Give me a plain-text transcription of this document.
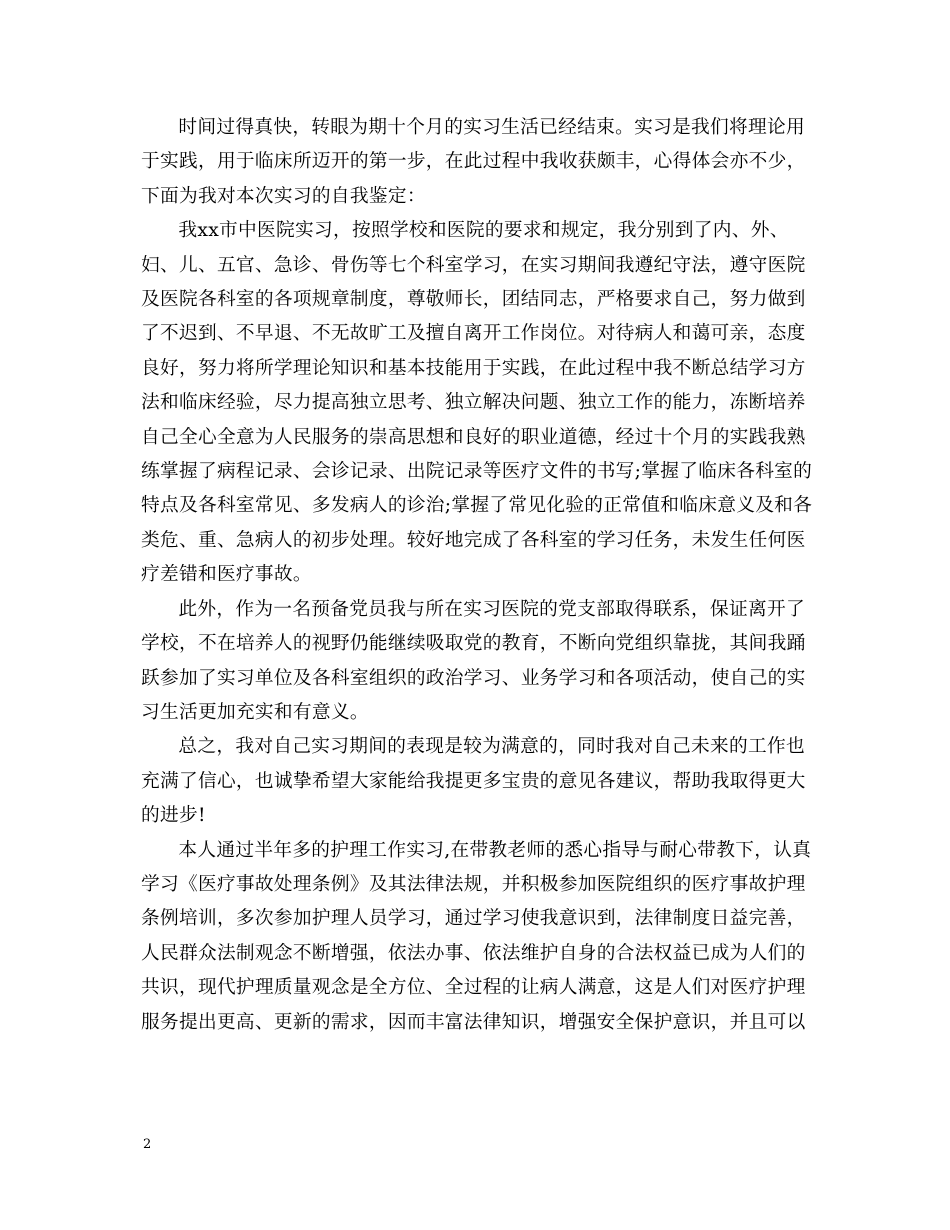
时间过得真快，转眼为期十个月的实习生活已经结束。实习是我们将理论用于实践，用于临床所迈开的第一步，在此过程中我收获颇丰，心得体会亦不少，下面为我对本次实习的自我鉴定：

我xx市中医院实习，按照学校和医院的要求和规定，我分别到了内、外、妇、儿、五官、急诊、骨伤等七个科室学习，在实习期间我遵纪守法，遵守医院及医院各科室的各项规章制度，尊敬师长，团结同志，严格要求自己，努力做到了不迟到、不早退、不无故旷工及擅自离开工作岗位。对待病人和蔼可亲，态度良好，努力将所学理论知识和基本技能用于实践，在此过程中我不断总结学习方法和临床经验，尽力提高独立思考、独立解决问题、独立工作的能力，冻断培养自己全心全意为人民服务的崇高思想和良好的职业道德，经过十个月的实践我熟练掌握了病程记录、会诊记录、出院记录等医疗文件的书写;掌握了临床各科室的特点及各科室常见、多发病人的诊治;掌握了常见化验的正常值和临床意义及和各类危、重、急病人的初步处理。较好地完成了各科室的学习任务，未发生任何医疗差错和医疗事故。

此外，作为一名预备党员我与所在实习医院的党支部取得联系，保证离开了学校，不在培养人的视野仍能继续吸取党的教育，不断向党组织靠拢，其间我踊跃参加了实习单位及各科室组织的政治学习、业务学习和各项活动，使自己的实习生活更加充实和有意义。

总之，我对自己实习期间的表现是较为满意的，同时我对自己未来的工作也充满了信心，也诚挚希望大家能给我提更多宝贵的意见各建议，帮助我取得更大的进步!

本人通过半年多的护理工作实习,在带教老师的悉心指导与耐心带教下，认真学习《医疗事故处理条例》及其法律法规，并积极参加医院组织的医疗事故护理条例培训，多次参加护理人员学习，通过学习使我意识到，法律制度日益完善，人民群众法制观念不断增强，依法办事、依法维护自身的合法权益已成为人们的共识，现代护理质量观念是全方位、全过程的让病人满意，这是人们对医疗护理服务提出更高、更新的需求，因而丰富法律知识，增强安全保护意识，并且可以

2
